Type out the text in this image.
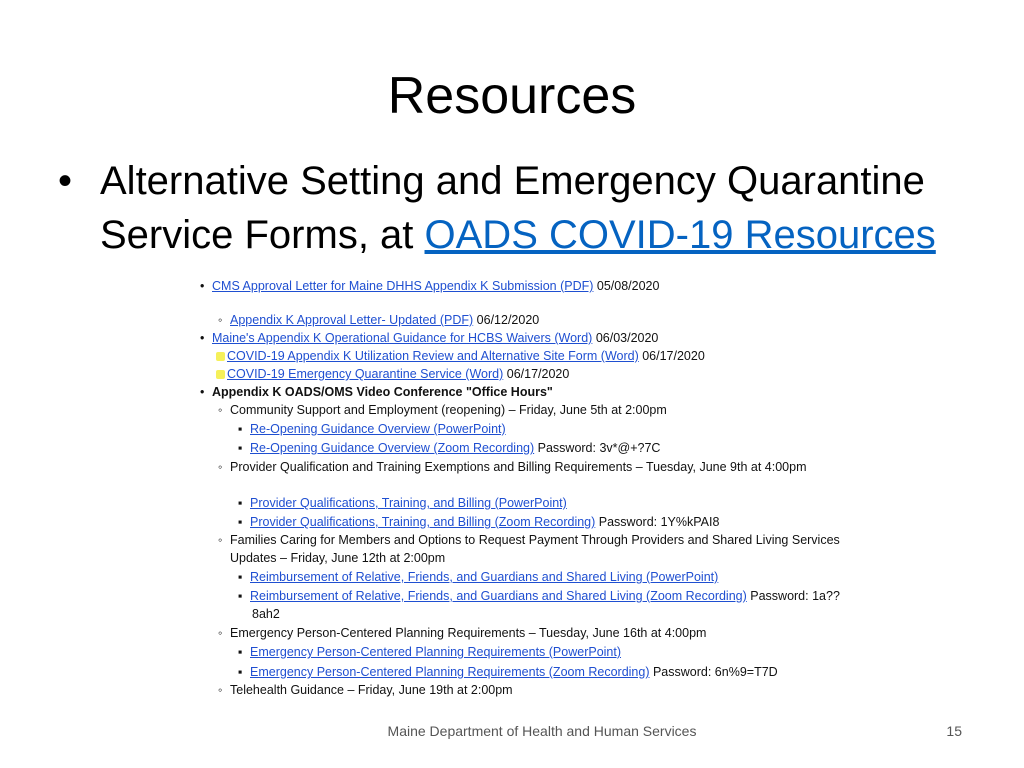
Resources
• Alternative Setting and Emergency Quarantine Service Forms, at OADS COVID-19 Resources
• CMS Approval Letter for Maine DHHS Appendix K Submission (PDF) 05/08/2020
◦ Appendix K Approval Letter- Updated (PDF) 06/12/2020
• Maine's Appendix K Operational Guidance for HCBS Waivers (Word) 06/03/2020
COVID-19 Appendix K Utilization Review and Alternative Site Form (Word) 06/17/2020
COVID-19 Emergency Quarantine Service (Word) 06/17/2020
• Appendix K OADS/OMS Video Conference "Office Hours"
◦ Community Support and Employment (reopening) – Friday, June 5th at 2:00pm
▪ Re-Opening Guidance Overview (PowerPoint)
▪ Re-Opening Guidance Overview (Zoom Recording) Password: 3v*@+?7C
◦ Provider Qualification and Training Exemptions and Billing Requirements – Tuesday, June 9th at 4:00pm
▪ Provider Qualifications, Training, and Billing (PowerPoint)
▪ Provider Qualifications, Training, and Billing (Zoom Recording) Password: 1Y%kPAI8
◦ Families Caring for Members and Options to Request Payment Through Providers and Shared Living Services
Updates – Friday, June 12th at 2:00pm
▪ Reimbursement of Relative, Friends, and Guardians and Shared Living (PowerPoint)
▪ Reimbursement of Relative, Friends, and Guardians and Shared Living (Zoom Recording) Password: 1a??
8ah2
◦ Emergency Person-Centered Planning Requirements – Tuesday, June 16th at 4:00pm
▪ Emergency Person-Centered Planning Requirements (PowerPoint)
▪ Emergency Person-Centered Planning Requirements (Zoom Recording) Password: 6n%9=T7D
◦ Telehealth Guidance – Friday, June 19th at 2:00pm
Maine Department of Health and Human Services	15
